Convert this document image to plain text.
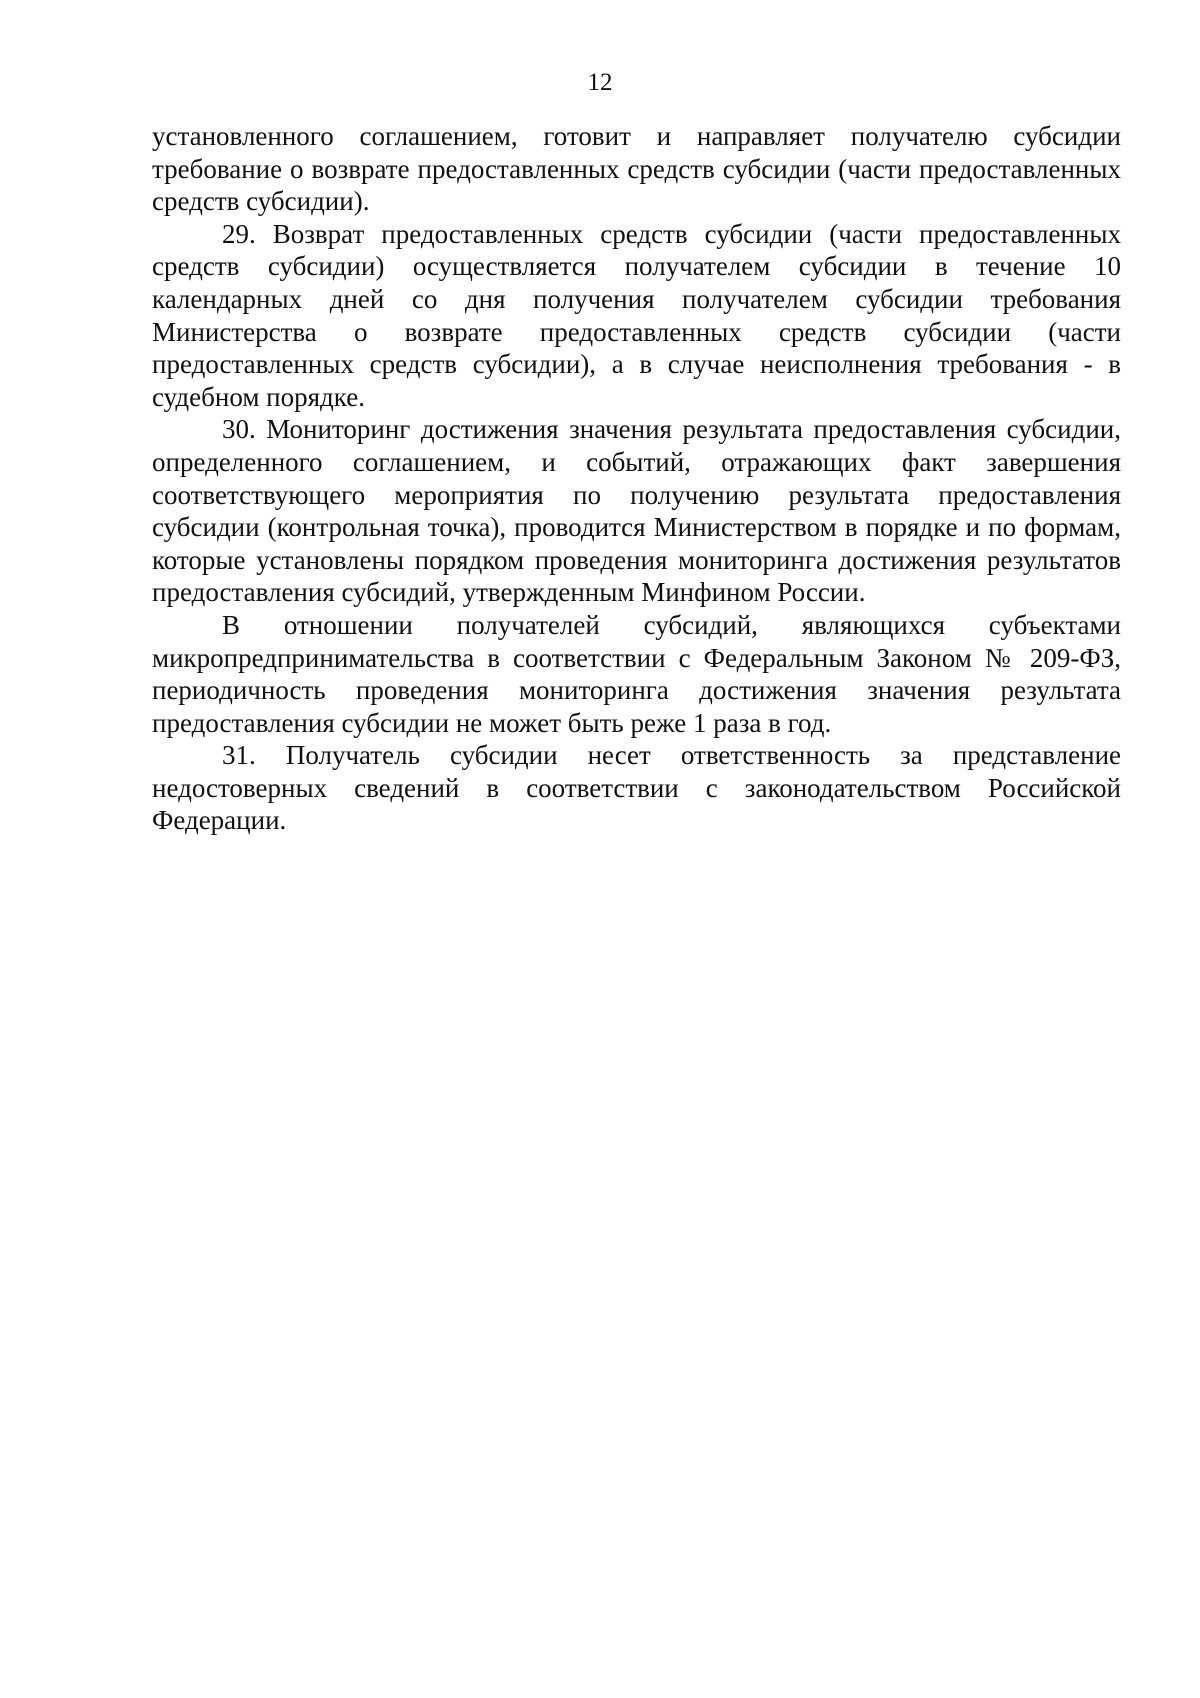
12

установленного соглашением, готовит и направляет получателю субсидии требование о возврате предоставленных средств субсидии (части предоставленных средств субсидии).

29. Возврат предоставленных средств субсидии (части предоставленных средств субсидии) осуществляется получателем субсидии в течение 10 календарных дней со дня получения получателем субсидии требования Министерства о возврате предоставленных средств субсидии (части предоставленных средств субсидии), а в случае неисполнения требования - в судебном порядке.

30. Мониторинг достижения значения результата предоставления субсидии, определенного соглашением, и событий, отражающих факт завершения соответствующего мероприятия по получению результата предоставления субсидии (контрольная точка), проводится Министерством в порядке и по формам, которые установлены порядком проведения мониторинга достижения результатов предоставления субсидий, утвержденным Минфином России.

В отношении получателей субсидий, являющихся субъектами микропредпринимательства в соответствии с Федеральным Законом № 209-ФЗ, периодичность проведения мониторинга достижения значения результата предоставления субсидии не может быть реже 1 раза в год.

31. Получатель субсидии несет ответственность за представление недостоверных сведений в соответствии с законодательством Российской Федерации.
